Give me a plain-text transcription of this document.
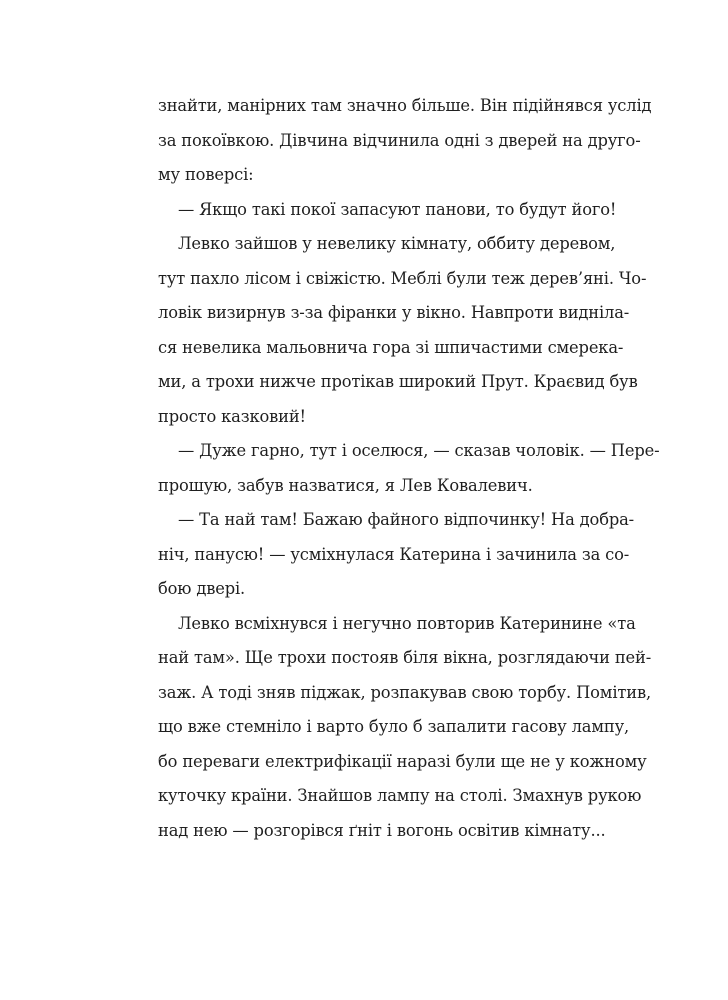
знайти, манірних там значно більше. Він підійнявся услід
за покоївкою. Дівчина відчинила одні з дверей на друго-
му поверсі:
— Якщо такі покої запасуют панови, то будут його!
Левко зайшов у невелику кімнату, оббиту деревом,
тут пахло лісом і свіжістю. Меблі були теж дерев’яні. Чо-
ловік визирнув з-за фіранки у вікно. Навпроти виднілa-
ся невелика мальовнича гора зі шпичастими смерека-
ми, а трохи нижче протікав широкий Прут. Краєвид був
просто казковий!
— Дуже гарно, тут і оселюся, — сказав чоловік. — Пере-
прошую, забув назватися, я Лев Ковалевич.
— Та най там! Бажаю файного відпочинку! На добра-
ніч, панусю! — усміхнулася Катерина і зачинила за со-
бою двері.
Левко всміхнувся і негучно повторив Катеринине «та
най там». Ще трохи постояв біля вікна, розглядаючи пей-
заж. А тоді зняв піджак, розпакував свою торбу. Помітив,
що вже стемніло і варто було б запалити гасову лампу,
бо переваги електрифікації наразі були ще не у кожному
куточку країни. Знайшов лампу на столі. Змахнув рукою
над нею — розгорівся ґніт і вогонь освітив кімнату...
